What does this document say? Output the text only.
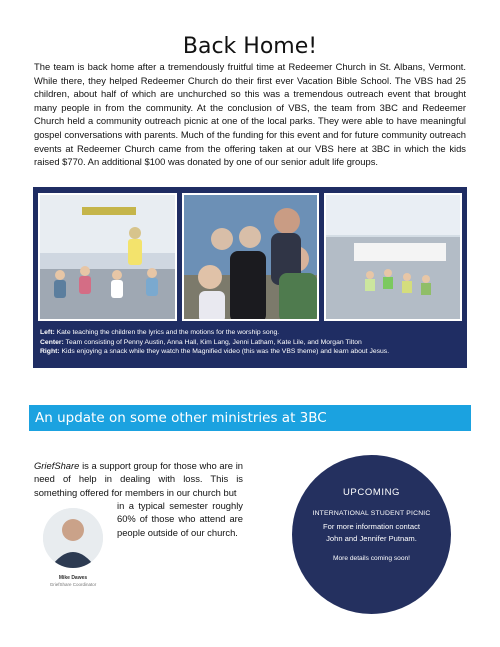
Back Home!
The team is back home after a tremendously fruitful time at Redeemer Church in St. Albans, Vermont. While there, they helped Redeemer Church do their first ever Vacation Bible School. The VBS had 25 children, about half of which are unchurched so this was a tremendous outreach event that brought many people in from the community. At the conclusion of VBS, the team from 3BC and Redeemer Church held a community outreach picnic at one of the local parks. They were able to have meaningful gospel conversations with parents. Much of the funding for this event and for future community outreach events at Redeemer Church came from the offering taken at our VBS here at 3BC in which the kids raised $770. An additional $100 was donated by one of our senior adult life groups.
Left: Kate teaching the children the lyrics and the motions for the worship song.
Center: Team consisting of Penny Austin, Anna Hall, Kim Lang, Jenni Latham, Kate Lile, and Morgan Tilton
Right: Kids enjoying a snack while they watch the Magnified video (this was the VBS theme) and learn about Jesus.
An update on some other ministries at 3BC
GriefShare is a support group for those who are in need of help in dealing with loss. This is something offered for members in our church but
in a typical semester roughly 60% of those who attend are people outside of our church.
Mike Dawes
GriefShare Coordinator
UPCOMING
INTERNATIONAL STUDENT PICNIC
For more information contact
John and Jennifer Putnam.
More details coming soon!
